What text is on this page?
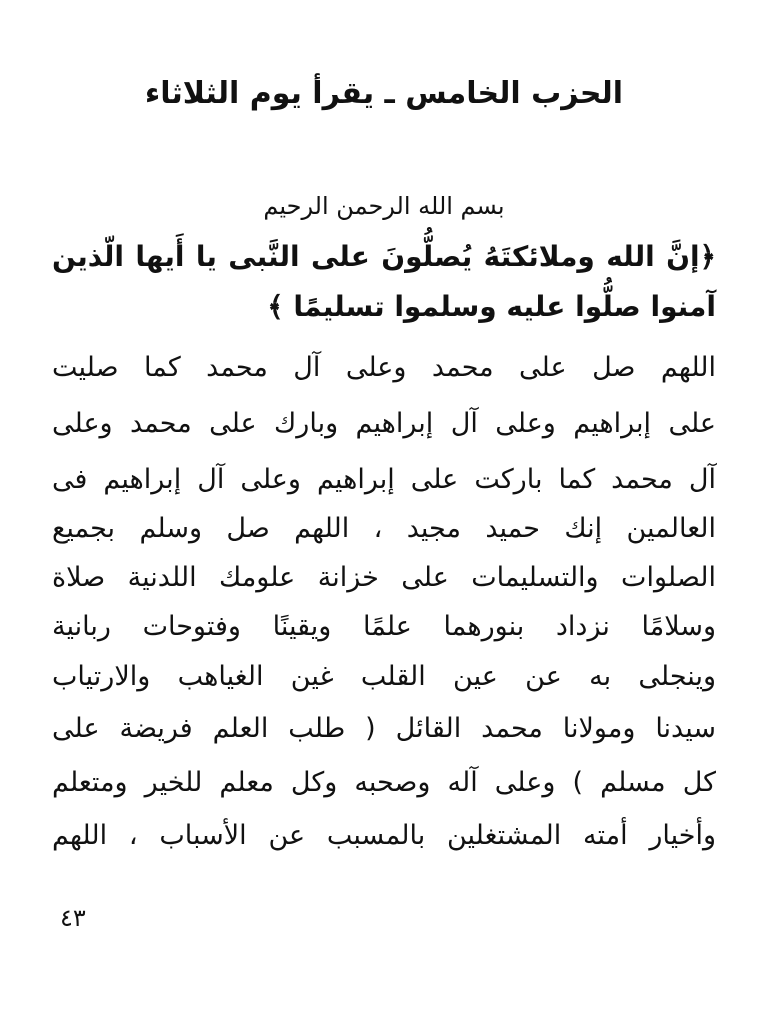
الحزب الخامس ـ يقرأ يوم الثلاثاء
بسم الله الرحمن الرحيم
﴿إنَّ الله وملائكتَهُ يُصلُّونَ على النَّبى يا أَيها الّذين
آمنوا صلُّوا عليه وسلموا تسليمًا ﴾
اللهم صل على محمد وعلى آل محمد كما صليت
على إبراهيم وعلى آل إبراهيم وبارك على محمد وعلى
آل محمد كما باركت على إبراهيم وعلى آل إبراهيم فى
العالمين إنك حميد مجيد ، اللهم صل وسلم بجميع
الصلوات والتسليمات على خزانة علومك اللدنية صلاة
وسلامًا نزداد بنورهما علمًا ويقينًا وفتوحات ربانية
وينجلى به عن عين القلب غين الغياهب والارتياب
سيدنا ومولانا محمد القائل ( طلب العلم فريضة على
كل مسلم ) وعلى آله وصحبه وكل معلم للخير ومتعلم
وأخيار أمته المشتغلين بالمسبب عن الأسباب ، اللهم
٤٣
